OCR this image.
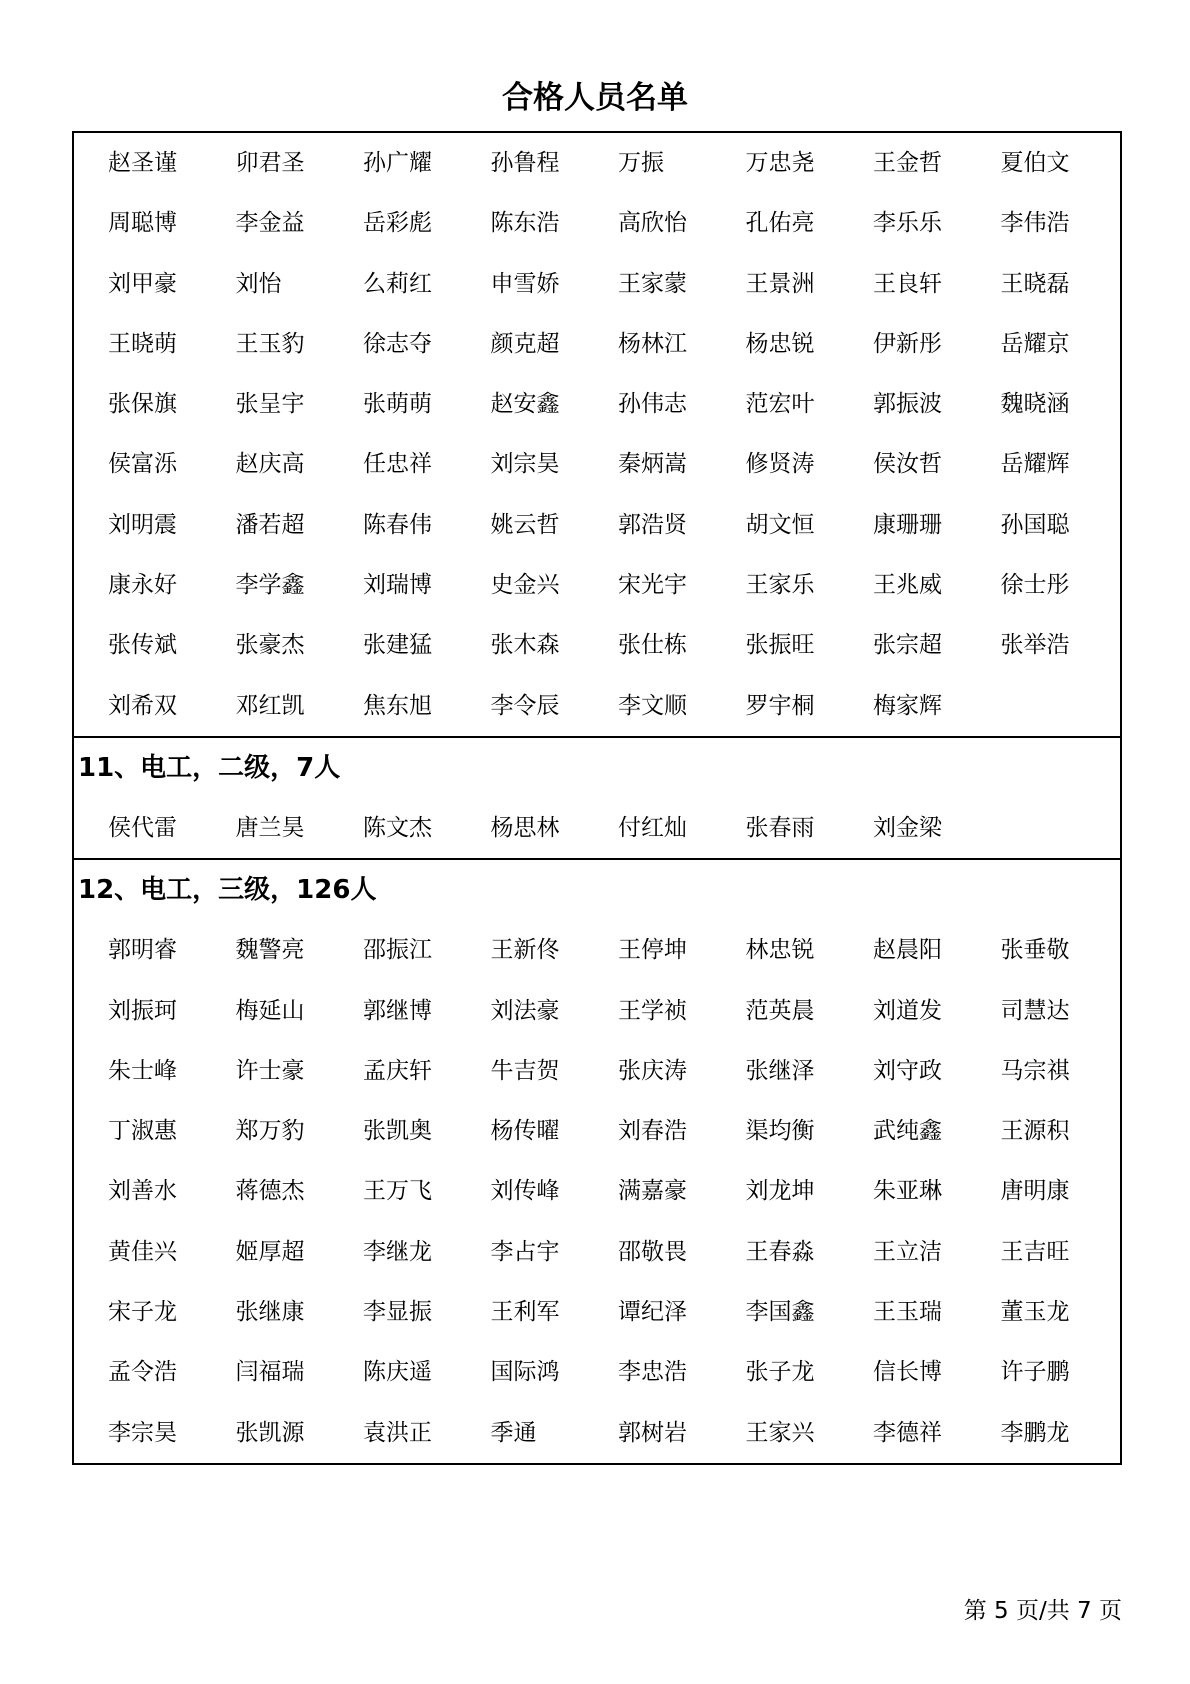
合格人员名单
赵圣谨	卯君圣	孙广耀	孙鲁程	万振	万忠尧	王金哲	夏伯文
周聪博	李金益	岳彩彪	陈东浩	高欣怡	孔佑亮	李乐乐	李伟浩
刘甲豪	刘怡	么莉红	申雪娇	王家蒙	王景洲	王良轩	王晓磊
王晓萌	王玉豹	徐志夺	颜克超	杨林江	杨忠锐	伊新彤	岳耀京
张保旗	张呈宇	张萌萌	赵安鑫	孙伟志	范宏叶	郭振波	魏晓涵
侯富泺	赵庆高	任忠祥	刘宗昊	秦炳嵩	修贤涛	侯汝哲	岳耀辉
刘明震	潘若超	陈春伟	姚云哲	郭浩贤	胡文恒	康珊珊	孙国聪
康永好	李学鑫	刘瑞博	史金兴	宋光宇	王家乐	王兆威	徐士彤
张传斌	张豪杰	张建猛	张木森	张仕栋	张振旺	张宗超	张举浩
刘希双	邓红凯	焦东旭	李令辰	李文顺	罗宇桐	梅家辉
11、电工，二级，7人
侯代雷	唐兰昊	陈文杰	杨思林	付红灿	张春雨	刘金梁
12、电工，三级，126人
郭明睿	魏警亮	邵振江	王新佟	王停坤	林忠锐	赵晨阳	张垂敬
刘振珂	梅延山	郭继博	刘法豪	王学祯	范英晨	刘道发	司慧达
朱士峰	许士豪	孟庆轩	牛吉贺	张庆涛	张继泽	刘守政	马宗祺
丁淑惠	郑万豹	张凯奥	杨传曜	刘春浩	渠均衡	武纯鑫	王源积
刘善水	蒋德杰	王万飞	刘传峰	满嘉豪	刘龙坤	朱亚琳	唐明康
黄佳兴	姬厚超	李继龙	李占宇	邵敬畏	王春淼	王立洁	王吉旺
宋子龙	张继康	李显振	王利军	谭纪泽	李国鑫	王玉瑞	董玉龙
孟令浩	闫福瑞	陈庆遥	国际鸿	李忠浩	张子龙	信长博	许子鹏
李宗昊	张凯源	袁洪正	季通	郭树岩	王家兴	李德祥	李鹏龙
第 5 页/共 7 页
